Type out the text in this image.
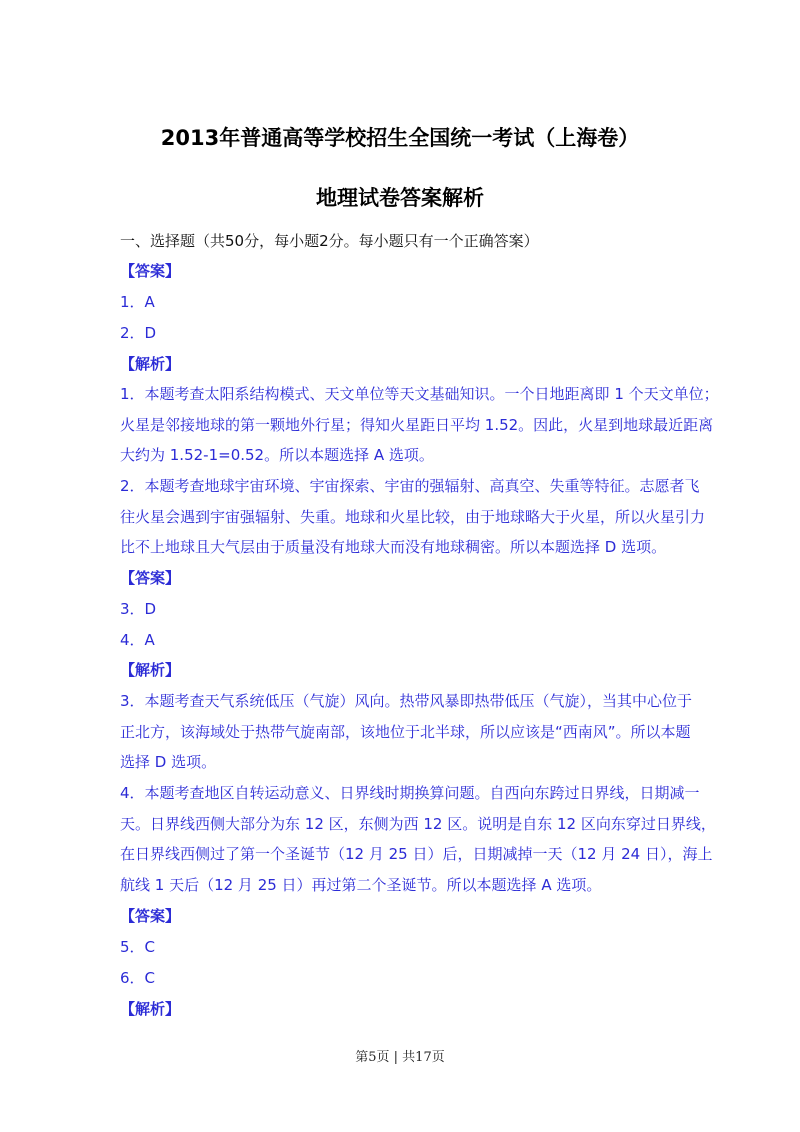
2013年普通高等学校招生全国统一考试（上海卷）
地理试卷答案解析
一、选择题（共50分，每小题2分。每小题只有一个正确答案）
【答案】
1．A
2．D
【解析】
1．本题考查太阳系结构模式、天文单位等天文基础知识。一个日地距离即 1 个天文单位；
火星是邻接地球的第一颗地外行星；得知火星距日平均 1.52。因此，火星到地球最近距离
大约为 1.52-1=0.52。所以本题选择 A 选项。
2．本题考查地球宇宙环境、宇宙探索、宇宙的强辐射、高真空、失重等特征。志愿者飞
往火星会遇到宇宙强辐射、失重。地球和火星比较，由于地球略大于火星，所以火星引力
比不上地球且大气层由于质量没有地球大而没有地球稠密。所以本题选择 D 选项。
【答案】
3．D
4．A
【解析】
3．本题考查天气系统低压（气旋）风向。热带风暴即热带低压（气旋），当其中心位于
正北方，该海域处于热带气旋南部，该地位于北半球，所以应该是“西南风”。所以本题
选择 D 选项。
4．本题考查地区自转运动意义、日界线时期换算问题。自西向东跨过日界线，日期减一
天。日界线西侧大部分为东 12 区，东侧为西 12 区。说明是自东 12 区向东穿过日界线，
在日界线西侧过了第一个圣诞节（12 月 25 日）后，日期减掉一天（12 月 24 日），海上
航线 1 天后（12 月 25 日）再过第二个圣诞节。所以本题选择 A 选项。
【答案】
5．C
6．C
【解析】
第5页 | 共17页
